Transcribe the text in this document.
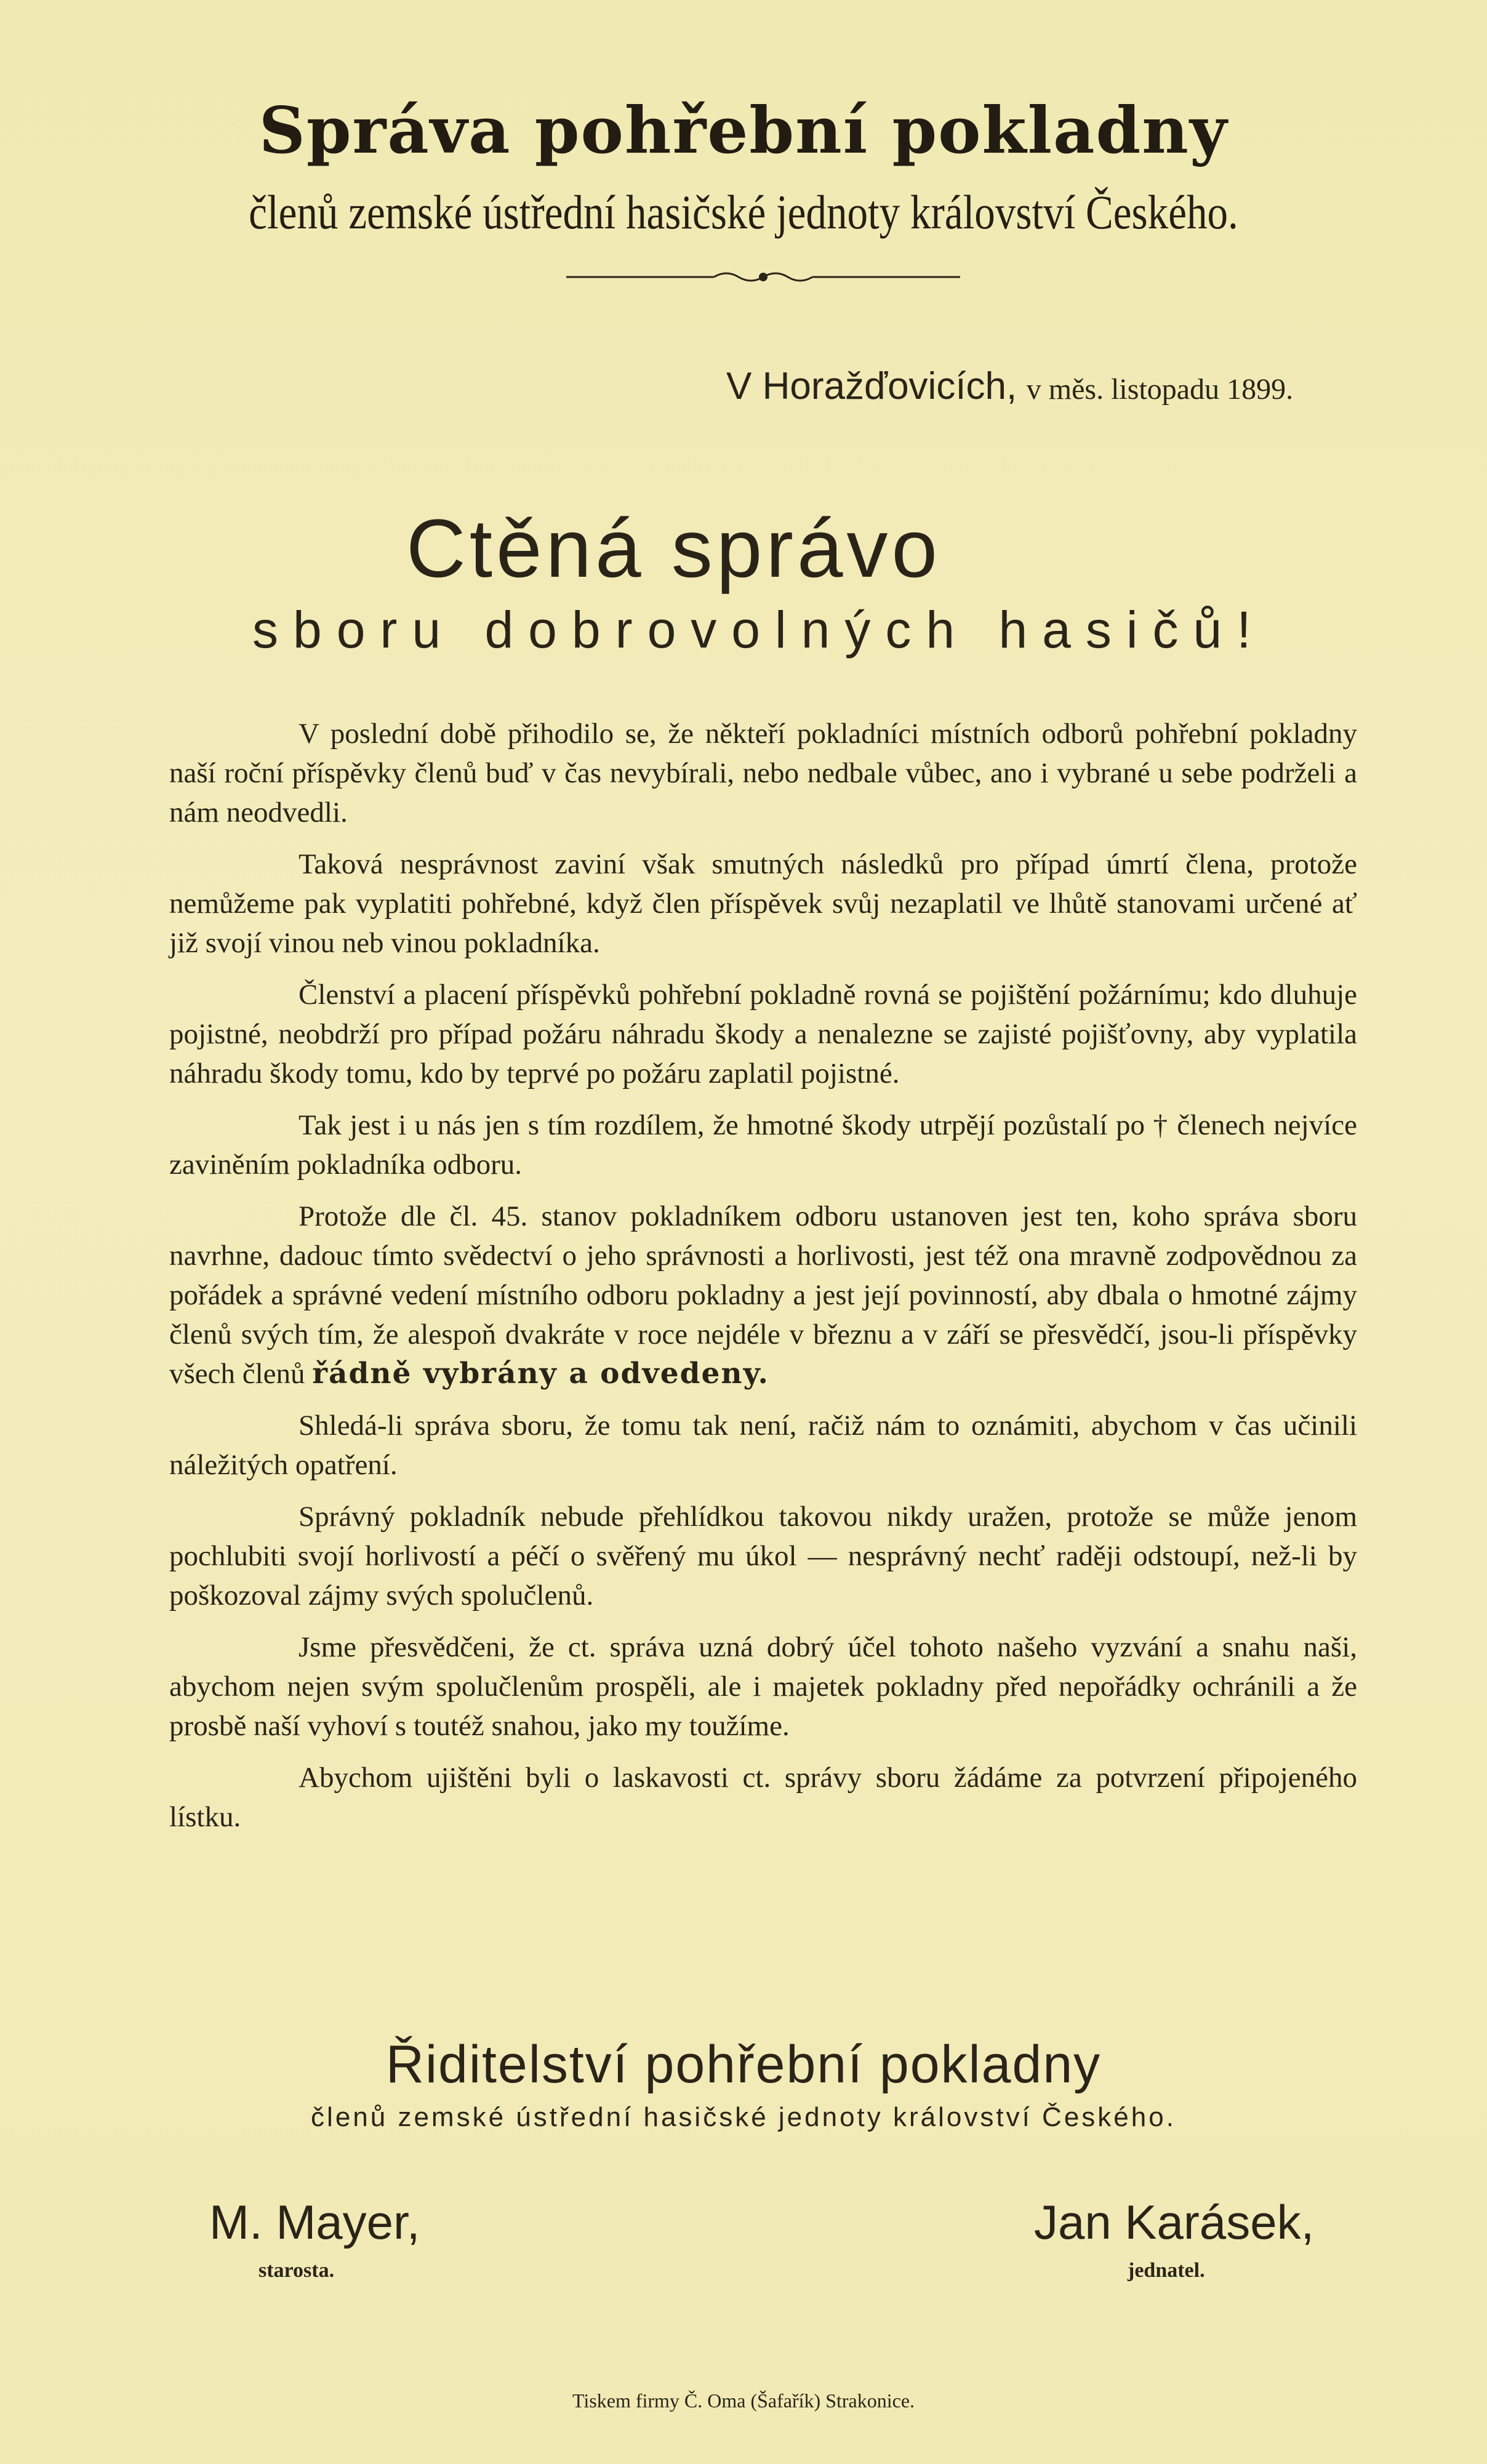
Správa pohřební pokladny

členů zemské ústřední hasičské jednoty království Českého.

V Horažďovicích, v měs. listopadu 1899.

Ctěná správo

sboru dobrovolných hasičů!

V poslední době přihodilo se, že někteří pokladníci místních odborů pohřební pokladny naší roční příspěvky členů buď v čas nevybírali, nebo nedbale vůbec, ano i vybrané u sebe podrželi a nám neodvedli.

Taková nesprávnost zaviní však smutných následků pro případ úmrtí člena, protože nemůžeme pak vyplatiti pohřebné, když člen příspěvek svůj nezaplatil ve lhůtě stanovami určené ať již svojí vinou neb vinou pokladníka.

Členství a placení příspěvků pohřební pokladně rovná se pojištění požárnímu; kdo dluhuje pojistné, neobdrží pro případ požáru náhradu škody a nenalezne se zajisté pojišťovny, aby vyplatila náhradu škody tomu, kdo by teprvé po požáru zaplatil pojistné.

Tak jest i u nás jen s tím rozdílem, že hmotné škody utrpějí pozůstalí po † členech nejvíce zaviněním pokladníka odboru.

Protože dle čl. 45. stanov pokladníkem odboru ustanoven jest ten, koho správa sboru navrhne, dadouc tímto svědectví o jeho správnosti a horlivosti, jest též ona mravně zodpovědnou za pořádek a správné vedení místního odboru pokladny a jest její povinností, aby dbala o hmotné zájmy členů svých tím, že alespoň dvakráte v roce nejdéle v březnu a v září se přesvědčí, jsou-li příspěvky všech členů řádně vybrány a odvedeny.

Shledá-li správa sboru, že tomu tak není, račiž nám to oznámiti, abychom v čas učinili náležitých opatření.

Správný pokladník nebude přehlídkou takovou nikdy uražen, protože se může jenom pochlubiti svojí horlivostí a péčí o svěřený mu úkol — nesprávný nechť raději odstoupí, než-li by poškozoval zájmy svých spolučlenů.

Jsme přesvědčeni, že ct. správa uzná dobrý účel tohoto našeho vyzvání a snahu naši, abychom nejen svým spolučlenům prospěli, ale i majetek pokladny před nepořádky ochránili a že prosbě naší vyhoví s toutéž snahou, jako my toužíme.

Abychom ujištěni byli o laskavosti ct. správy sboru žádáme za potvrzení připojeného lístku.

Řiditelství pohřební pokladny

členů zemské ústřední hasičské jednoty království Českého.

M. Mayer,

starosta.

Jan Karásek,

jednatel.

Tiskem firmy Č. Oma (Šafařík) Strakonice.
